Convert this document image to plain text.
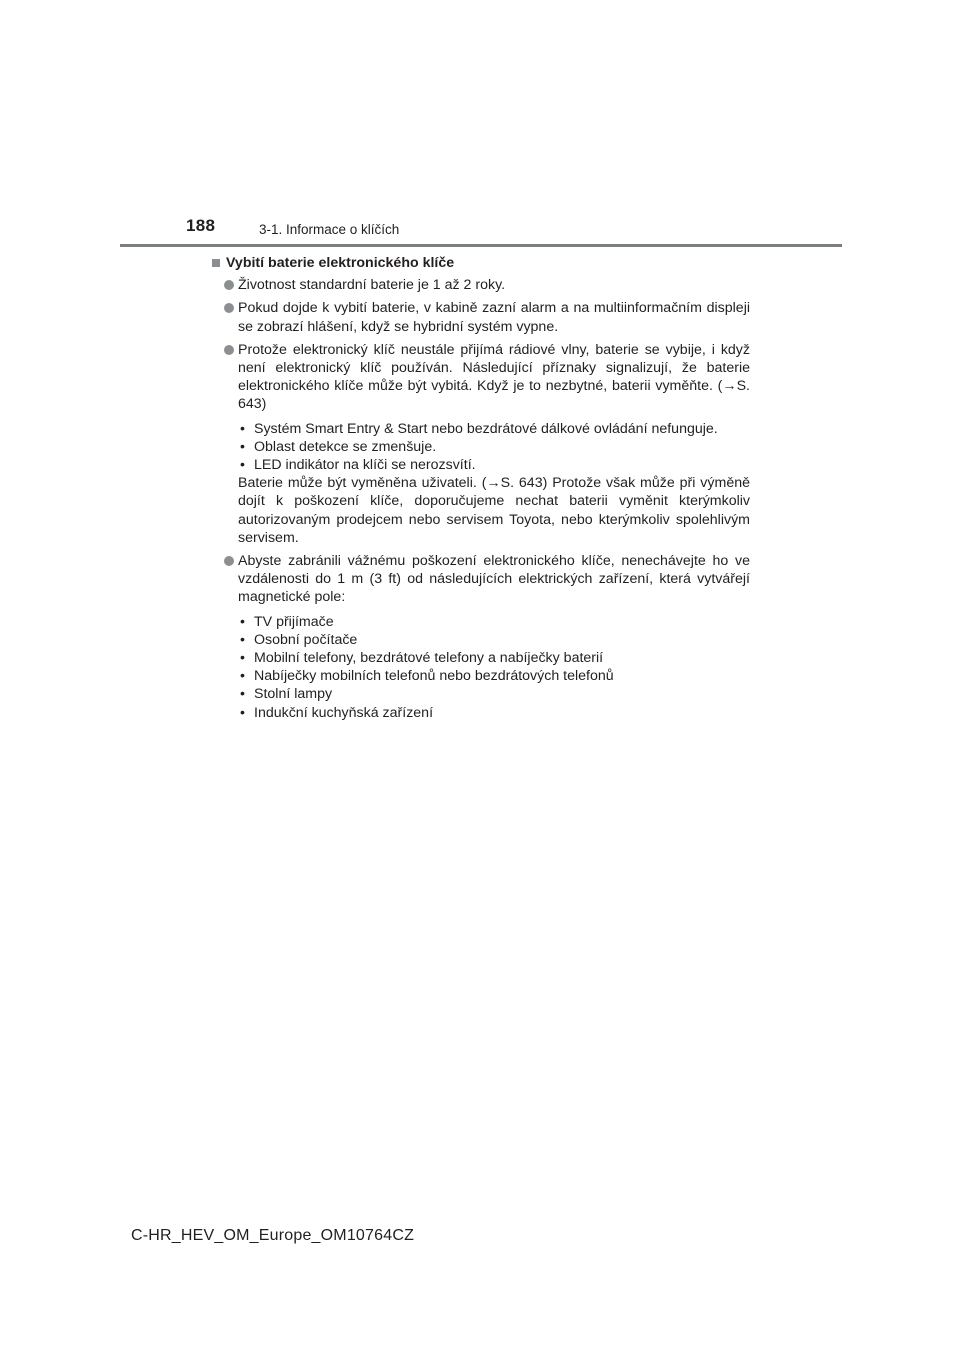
188	3-1. Informace o klíčích
Vybití baterie elektronického klíče

Životnost standardní baterie je 1 až 2 roky.

Pokud dojde k vybití baterie, v kabině zazní alarm a na multiinformačním displeji se zobrazí hlášení, když se hybridní systém vypne.

Protože elektronický klíč neustále přijímá rádiové vlny, baterie se vybije, i když není elektronický klíč používán. Následující příznaky signalizují, že baterie elektronického klíče může být vybitá. Když je to nezbytné, baterii vyměňte. (→S. 643)

• Systém Smart Entry & Start nebo bezdrátové dálkové ovládání nefunguje.
• Oblast detekce se zmenšuje.
• LED indikátor na klíči se nerozsvítí.

Baterie může být vyměněna uživateli. (→S. 643) Protože však může při výměně dojít k poškození klíče, doporučujeme nechat baterii vyměnit kterýmkoliv autorizovaným prodejcem nebo servisem Toyota, nebo kterýmkoliv spolehlivým servisem.

Abyste zabránili vážnému poškození elektronického klíče, nenechávejte ho ve vzdálenosti do 1 m (3 ft) od následujících elektrických zařízení, která vytvářejí magnetické pole:

• TV přijímače
• Osobní počítače
• Mobilní telefony, bezdrátové telefony a nabíječky baterií
• Nabíječky mobilních telefonů nebo bezdrátových telefonů
• Stolní lampy
• Indukční kuchyňská zařízení
C-HR_HEV_OM_Europe_OM10764CZ
